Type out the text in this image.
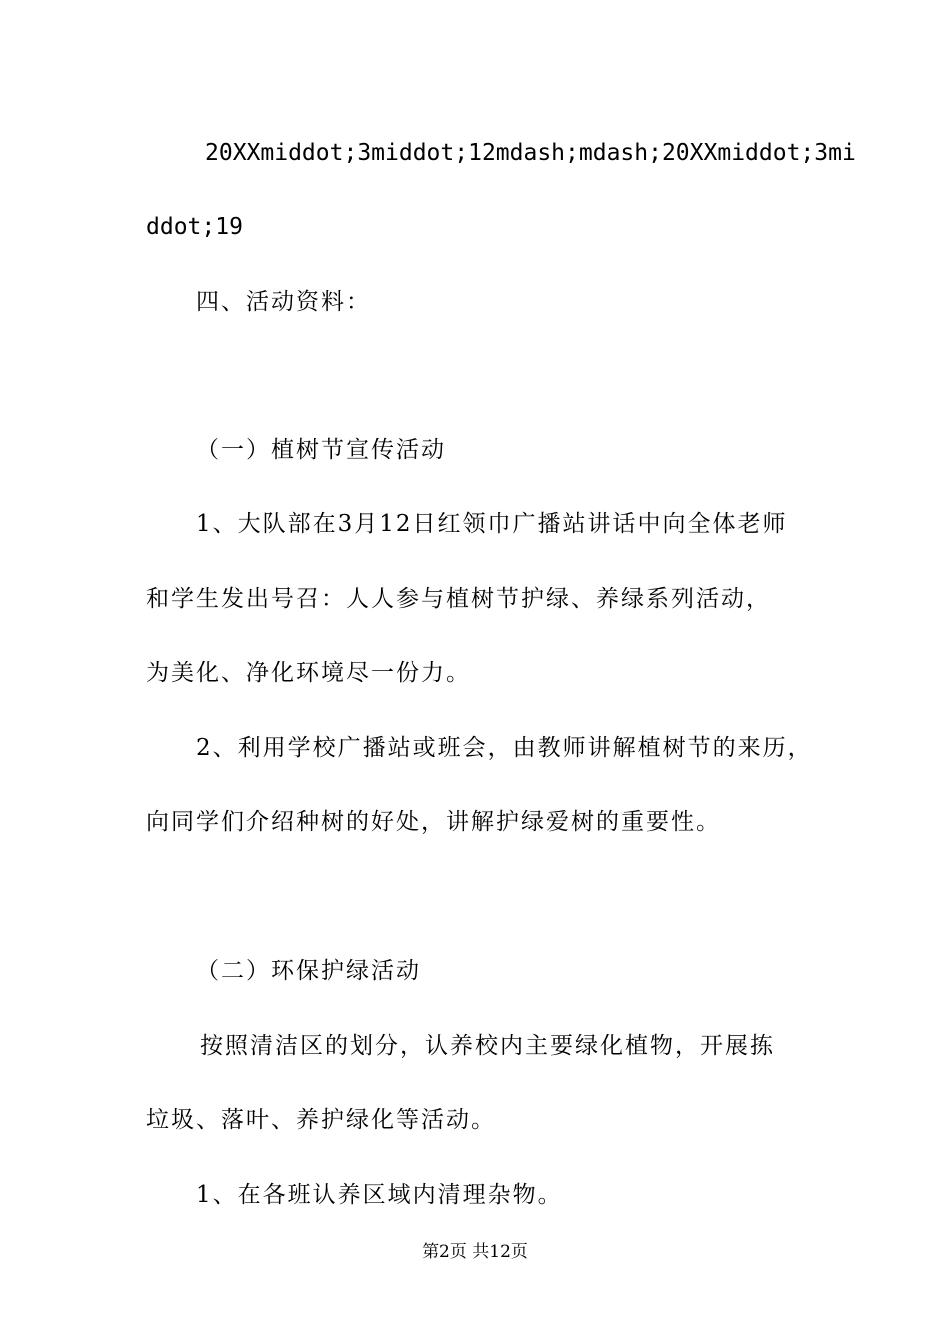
20XXmiddot;3middot;12mdash;mdash;20XXmiddot;3mi
ddot;19
四、活动资料：
（一）植树节宣传活动
1、大队部在3月12日红领巾广播站讲话中向全体老师
和学生发出号召：人人参与植树节护绿、养绿系列活动，
为美化、净化环境尽一份力。
2、利用学校广播站或班会，由教师讲解植树节的来历，
向同学们介绍种树的好处，讲解护绿爱树的重要性。
（二）环保护绿活动
按照清洁区的划分，认养校内主要绿化植物，开展拣
垃圾、落叶、养护绿化等活动。
1、在各班认养区域内清理杂物。
第2页 共12页
